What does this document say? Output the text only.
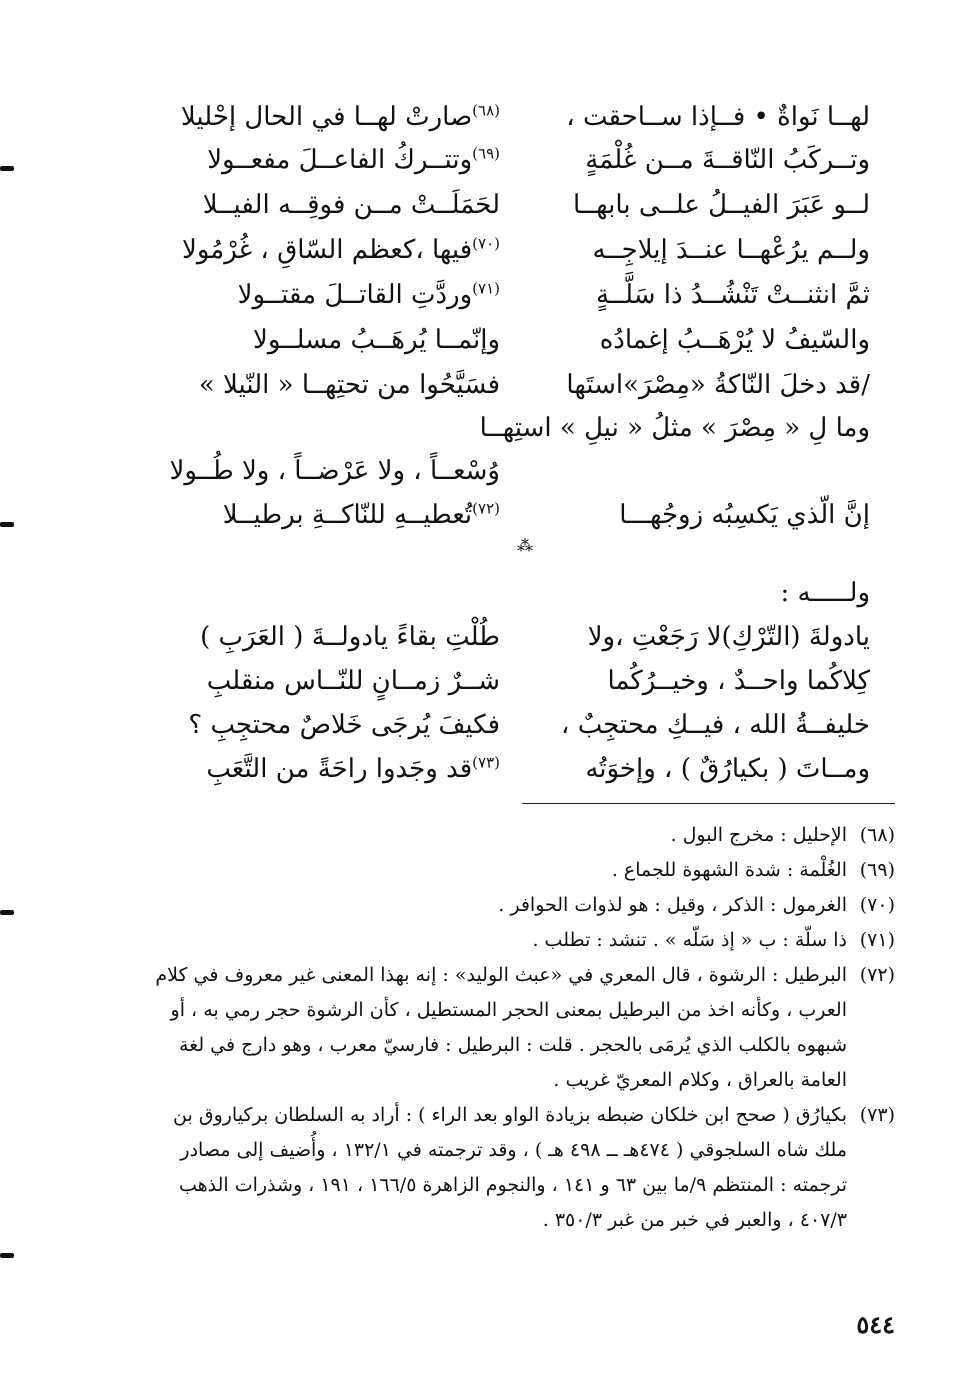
لهــا نَواةٌ • فــإذا ســاحقت ،
$^{(٦٨)}$صارتْ لهــا في الحال إحْليلا
وتــركَبُ النّاقــةَ مــن غُلْمَةٍ
$^{(٦٩)}$وتتــركُ الفاعــلَ مفعــولا
لــو عَبَرَ الفيــلُ علــى بابهــا
لحَمَلَــتْ مــن فوقِــه الفيــلا
ولــم يرُعْهــا عنــدَ إيلاجِــه
$^{(٧٠)}$فيها ،كعظم السّاقِ ، غُرْمُولا
ثمَّ انثنــتْ تَنْشُــدُ ذا سَلَّــةٍ
$^{(٧١)}$وردَّتِ القاتــلَ مقتــولا
والسّيفُ لا يُرْهَــبُ إغمادُه
وإنّمــا يُرهَــبُ مسلــولا
/قد دخلَ النّاكةُ «مِصْرَ»استَها
فسَيَّحُوا من تحتِهــا « النّيلا »
وما لِ « مِصْرَ » مثلُ « نيلِ » استِهــا
وُسْعــاً ، ولا عَرْضــاً ، ولا طُــولا
إنَّ الّذي يَكسِبُه زوجُهـــا
$^{(٧٢)}$تُعطيــهِ للنّاكــةِ برطيــلا
⁂
ولـــــه :
يادولةَ (التّرْكِ)لا رَجَعْتِ ،ولا
طُلْتِ بقاءً يادولــةَ ( العَرَبِ )
كِلاكُما واحــدٌ ، وخيــرُكُما
شــرٌ زمــانٍ للنّــاس منقلبِ
خليفــةُ الله ، فيــكِ محتجِبٌ ،
فكيفَ يُرجَى خَلاصٌ محتجِبِ ؟
ومــاتَ ( بكيارُقٌ ) ، وإخوَتُه
$^{(٧٣)}$قد وجَدوا راحَةً من التَّعَبِ
(٦٨)
الإحليل : مخرج البول .
(٦٩)
الغُلْمة : شدة الشهوة للجماع .
(٧٠)
الغرمول : الذكر ، وقيل : هو لذوات الحوافر .
(٧١)
ذا سلّة : ب « إذ سَلّه » . تنشد : تطلب .
(٧٢)
البرطيل : الرشوة ، قال المعري في «عبث الوليد» : إنه بهذا المعنى غير معروف في كلام العرب ، وكأنه اخذ من البرطيل بمعنى الحجر المستطيل ، كأن الرشوة حجر رمي به ، أو شبهوه بالكلب الذي يُرمَى بالحجر . قلت : البرطيل : فارسيّ معرب ، وهو دارج في لغة العامة بالعراق ، وكلام المعريّ غريب .
(٧٣)
بكيارُق ( صحح ابن خلكان ضبطه بزيادة الواو بعد الراء ) : أراد به السلطان بركياروق بن ملك شاه السلجوقي ( ٤٧٤هـ ــ ٤٩٨ هـ ) ، وقد ترجمته في ١٣٢/١ ، وأُضيف إلى مصادر ترجمته : المنتظم ٩/ما بين ٦٣ و ١٤١ ، والنجوم الزاهرة ١٦٦/٥ ، ١٩١ ، وشذرات الذهب ٤٠٧/٣ ، والعبر في خبر من غبر ٣٥٠/٣ .
٥٤٤
